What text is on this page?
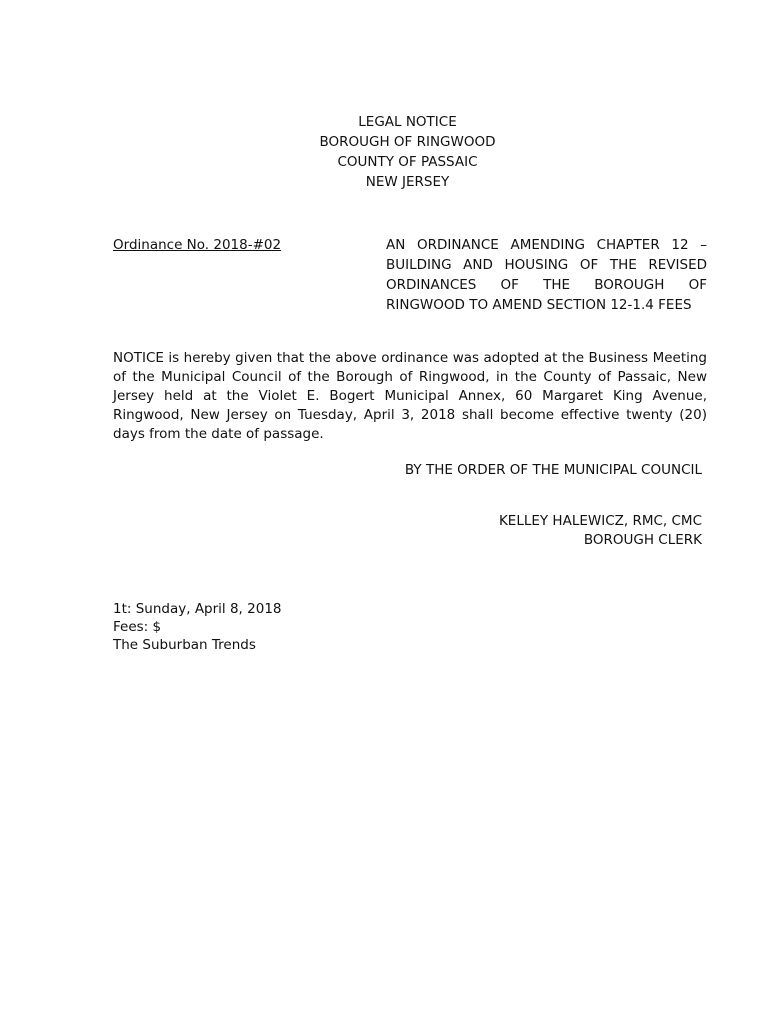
LEGAL NOTICE
BOROUGH OF RINGWOOD
COUNTY OF PASSAIC
NEW JERSEY
Ordinance No. 2018-#02	AN ORDINANCE AMENDING CHAPTER 12 – BUILDING AND HOUSING OF THE REVISED ORDINANCES OF THE BOROUGH OF RINGWOOD TO AMEND SECTION 12-1.4 FEES
NOTICE is hereby given that the above ordinance was adopted at the Business Meeting of the Municipal Council of the Borough of Ringwood, in the County of Passaic, New Jersey held at the Violet E. Bogert Municipal Annex, 60 Margaret King Avenue, Ringwood, New Jersey on Tuesday, April 3, 2018 shall become effective twenty (20) days from the date of passage.
BY THE ORDER OF THE MUNICIPAL COUNCIL
KELLEY HALEWICZ, RMC, CMC
BOROUGH CLERK
1t: Sunday, April 8, 2018
Fees: $
The Suburban Trends
